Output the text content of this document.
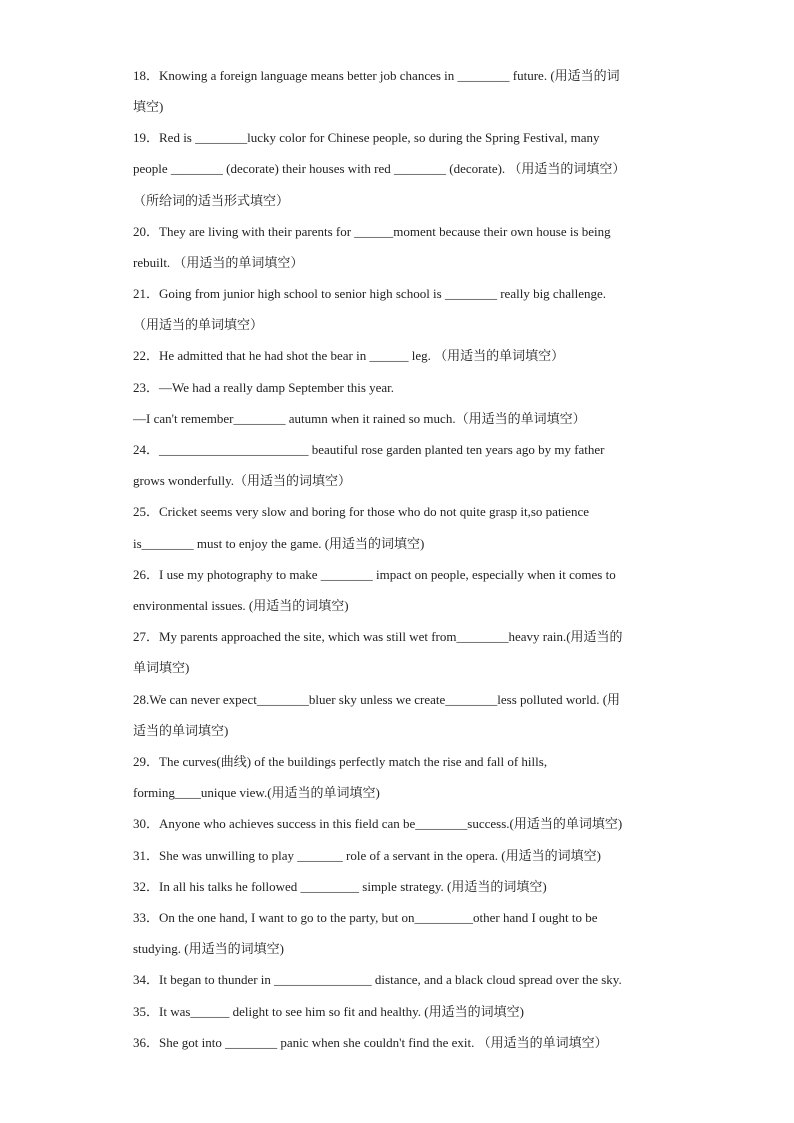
18．Knowing a foreign language means better job chances in ________ future. (用适当的词
填空)
19．Red is ________lucky color for Chinese people, so during the Spring Festival, many
people ________ (decorate) their houses with red ________ (decorate). （用适当的词填空）
（所给词的适当形式填空）
20．They are living with their parents for ______moment because their own house is being
rebuilt. （用适当的单词填空）
21．Going from junior high school to senior high school is ________ really big challenge.
（用适当的单词填空）
22．He admitted that he had shot the bear in ______ leg. （用适当的单词填空）
23．—We had a really damp September this year.
—I can't remember________ autumn when it rained so much.（用适当的单词填空）
24．_______________________ beautiful rose garden planted ten years ago by my father
grows wonderfully.（用适当的词填空）
25．Cricket seems very slow and boring for those who do not quite grasp it,so patience
is________ must to enjoy the game. (用适当的词填空)
26．I use my photography to make ________ impact on people, especially when it comes to
environmental issues. (用适当的词填空)
27．My parents approached the site, which was still wet from________heavy rain.(用适当的
单词填空)
28.We can never expect________bluer sky unless we create________less polluted world. (用
适当的单词填空)
29．The curves(曲线) of the buildings perfectly match the rise and fall of hills,
forming____unique view.(用适当的单词填空)
30．Anyone who achieves success in this field can be________success.(用适当的单词填空)
31．She was unwilling to play _______ role of a servant in the opera. (用适当的词填空)
32．In all his talks he followed _________ simple strategy. (用适当的词填空)
33．On the one hand, I want to go to the party, but on_________other hand I ought to be
studying. (用适当的词填空)
34．It began to thunder in _______________ distance, and a black cloud spread over the sky.
35．It was______ delight to see him so fit and healthy. (用适当的词填空)
36．She got into ________ panic when she couldn't find the exit. （用适当的单词填空）
